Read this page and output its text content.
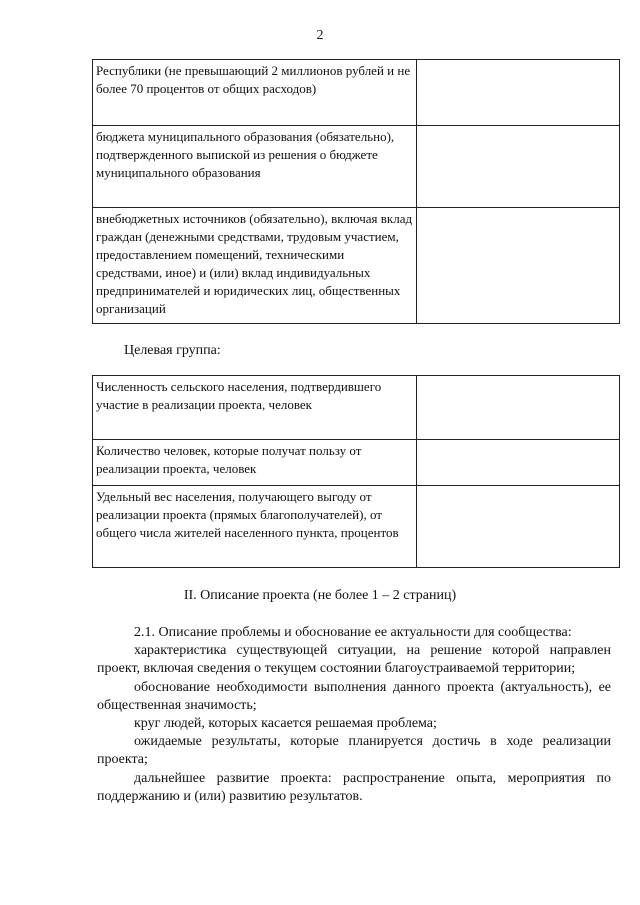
2
Республики (не превышающий 2 миллионов рублей и не более 70 процентов от общих расходов)	
бюджета муниципального образования (обязательно), подтвержденного выпиской из решения о бюджете муниципального образования	
внебюджетных источников (обязательно), включая вклад граждан (денежными средствами, трудовым участием, предоставлением помещений, техническими средствами, иное) и (или) вклад индивидуальных предпринимателей и юридических лиц, общественных организаций	
Целевая группа:
Численность сельского населения, подтвердившего участие в реализации проекта, человек	
Количество человек, которые получат пользу от реализации проекта, человек	
Удельный вес населения, получающего выгоду от реализации проекта (прямых благополучателей), от общего числа жителей населенного пункта, процентов	
II. Описание проекта (не более 1 – 2 страниц)

2.1. Описание проблемы и обоснование ее актуальности для сообщества:

характеристика существующей ситуации, на решение которой направлен проект, включая сведения о текущем состоянии благоустраиваемой территории;

обоснование необходимости выполнения данного проекта (актуальность), ее общественная значимость;

круг людей, которых касается решаемая проблема;

ожидаемые результаты, которые планируется достичь в ходе реализации проекта;

дальнейшее развитие проекта: распространение опыта, мероприятия по поддержанию и (или) развитию результатов.
